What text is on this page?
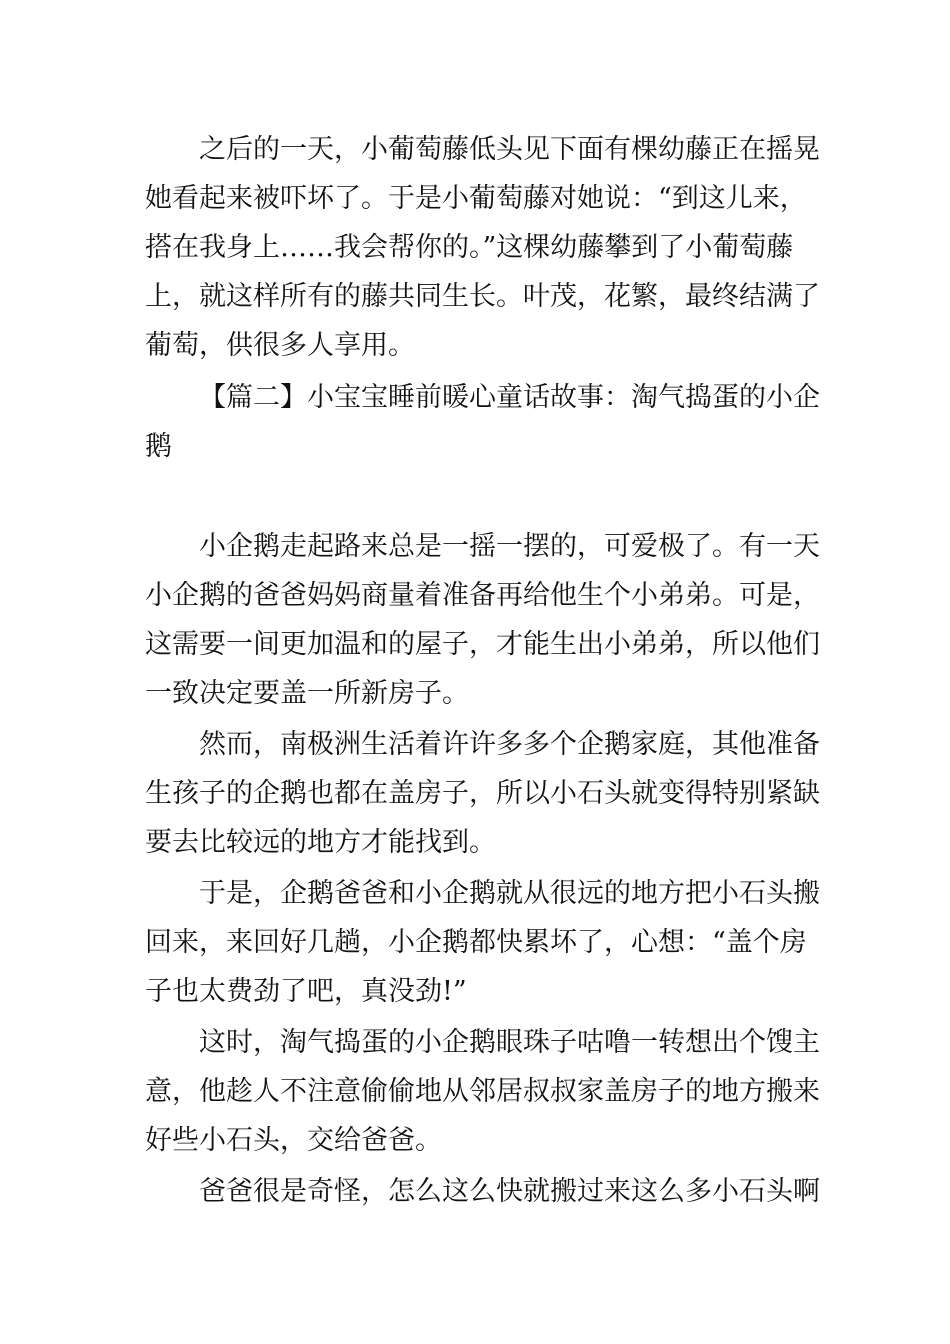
之后的一天，小葡萄藤低头见下面有棵幼藤正在摇晃
她看起来被吓坏了。于是小葡萄藤对她说：“到这儿来，
搭在我身上……我会帮你的。”这棵幼藤攀到了小葡萄藤
上，就这样所有的藤共同生长。叶茂，花繁，最终结满了
葡萄，供很多人享用。
【篇二】小宝宝睡前暖心童话故事：淘气捣蛋的小企
鹅
小企鹅走起路来总是一摇一摆的，可爱极了。有一天
小企鹅的爸爸妈妈商量着准备再给他生个小弟弟。可是，
这需要一间更加温和的屋子，才能生出小弟弟，所以他们
一致决定要盖一所新房子。
然而，南极洲生活着许许多多个企鹅家庭，其他准备
生孩子的企鹅也都在盖房子，所以小石头就变得特别紧缺
要去比较远的地方才能找到。
于是，企鹅爸爸和小企鹅就从很远的地方把小石头搬
回来，来回好几趟，小企鹅都快累坏了，心想：“盖个房
子也太费劲了吧，真没劲!”
这时，淘气捣蛋的小企鹅眼珠子咕噜一转想出个馊主
意，他趁人不注意偷偷地从邻居叔叔家盖房子的地方搬来
好些小石头，交给爸爸。
爸爸很是奇怪，怎么这么快就搬过来这么多小石头啊
